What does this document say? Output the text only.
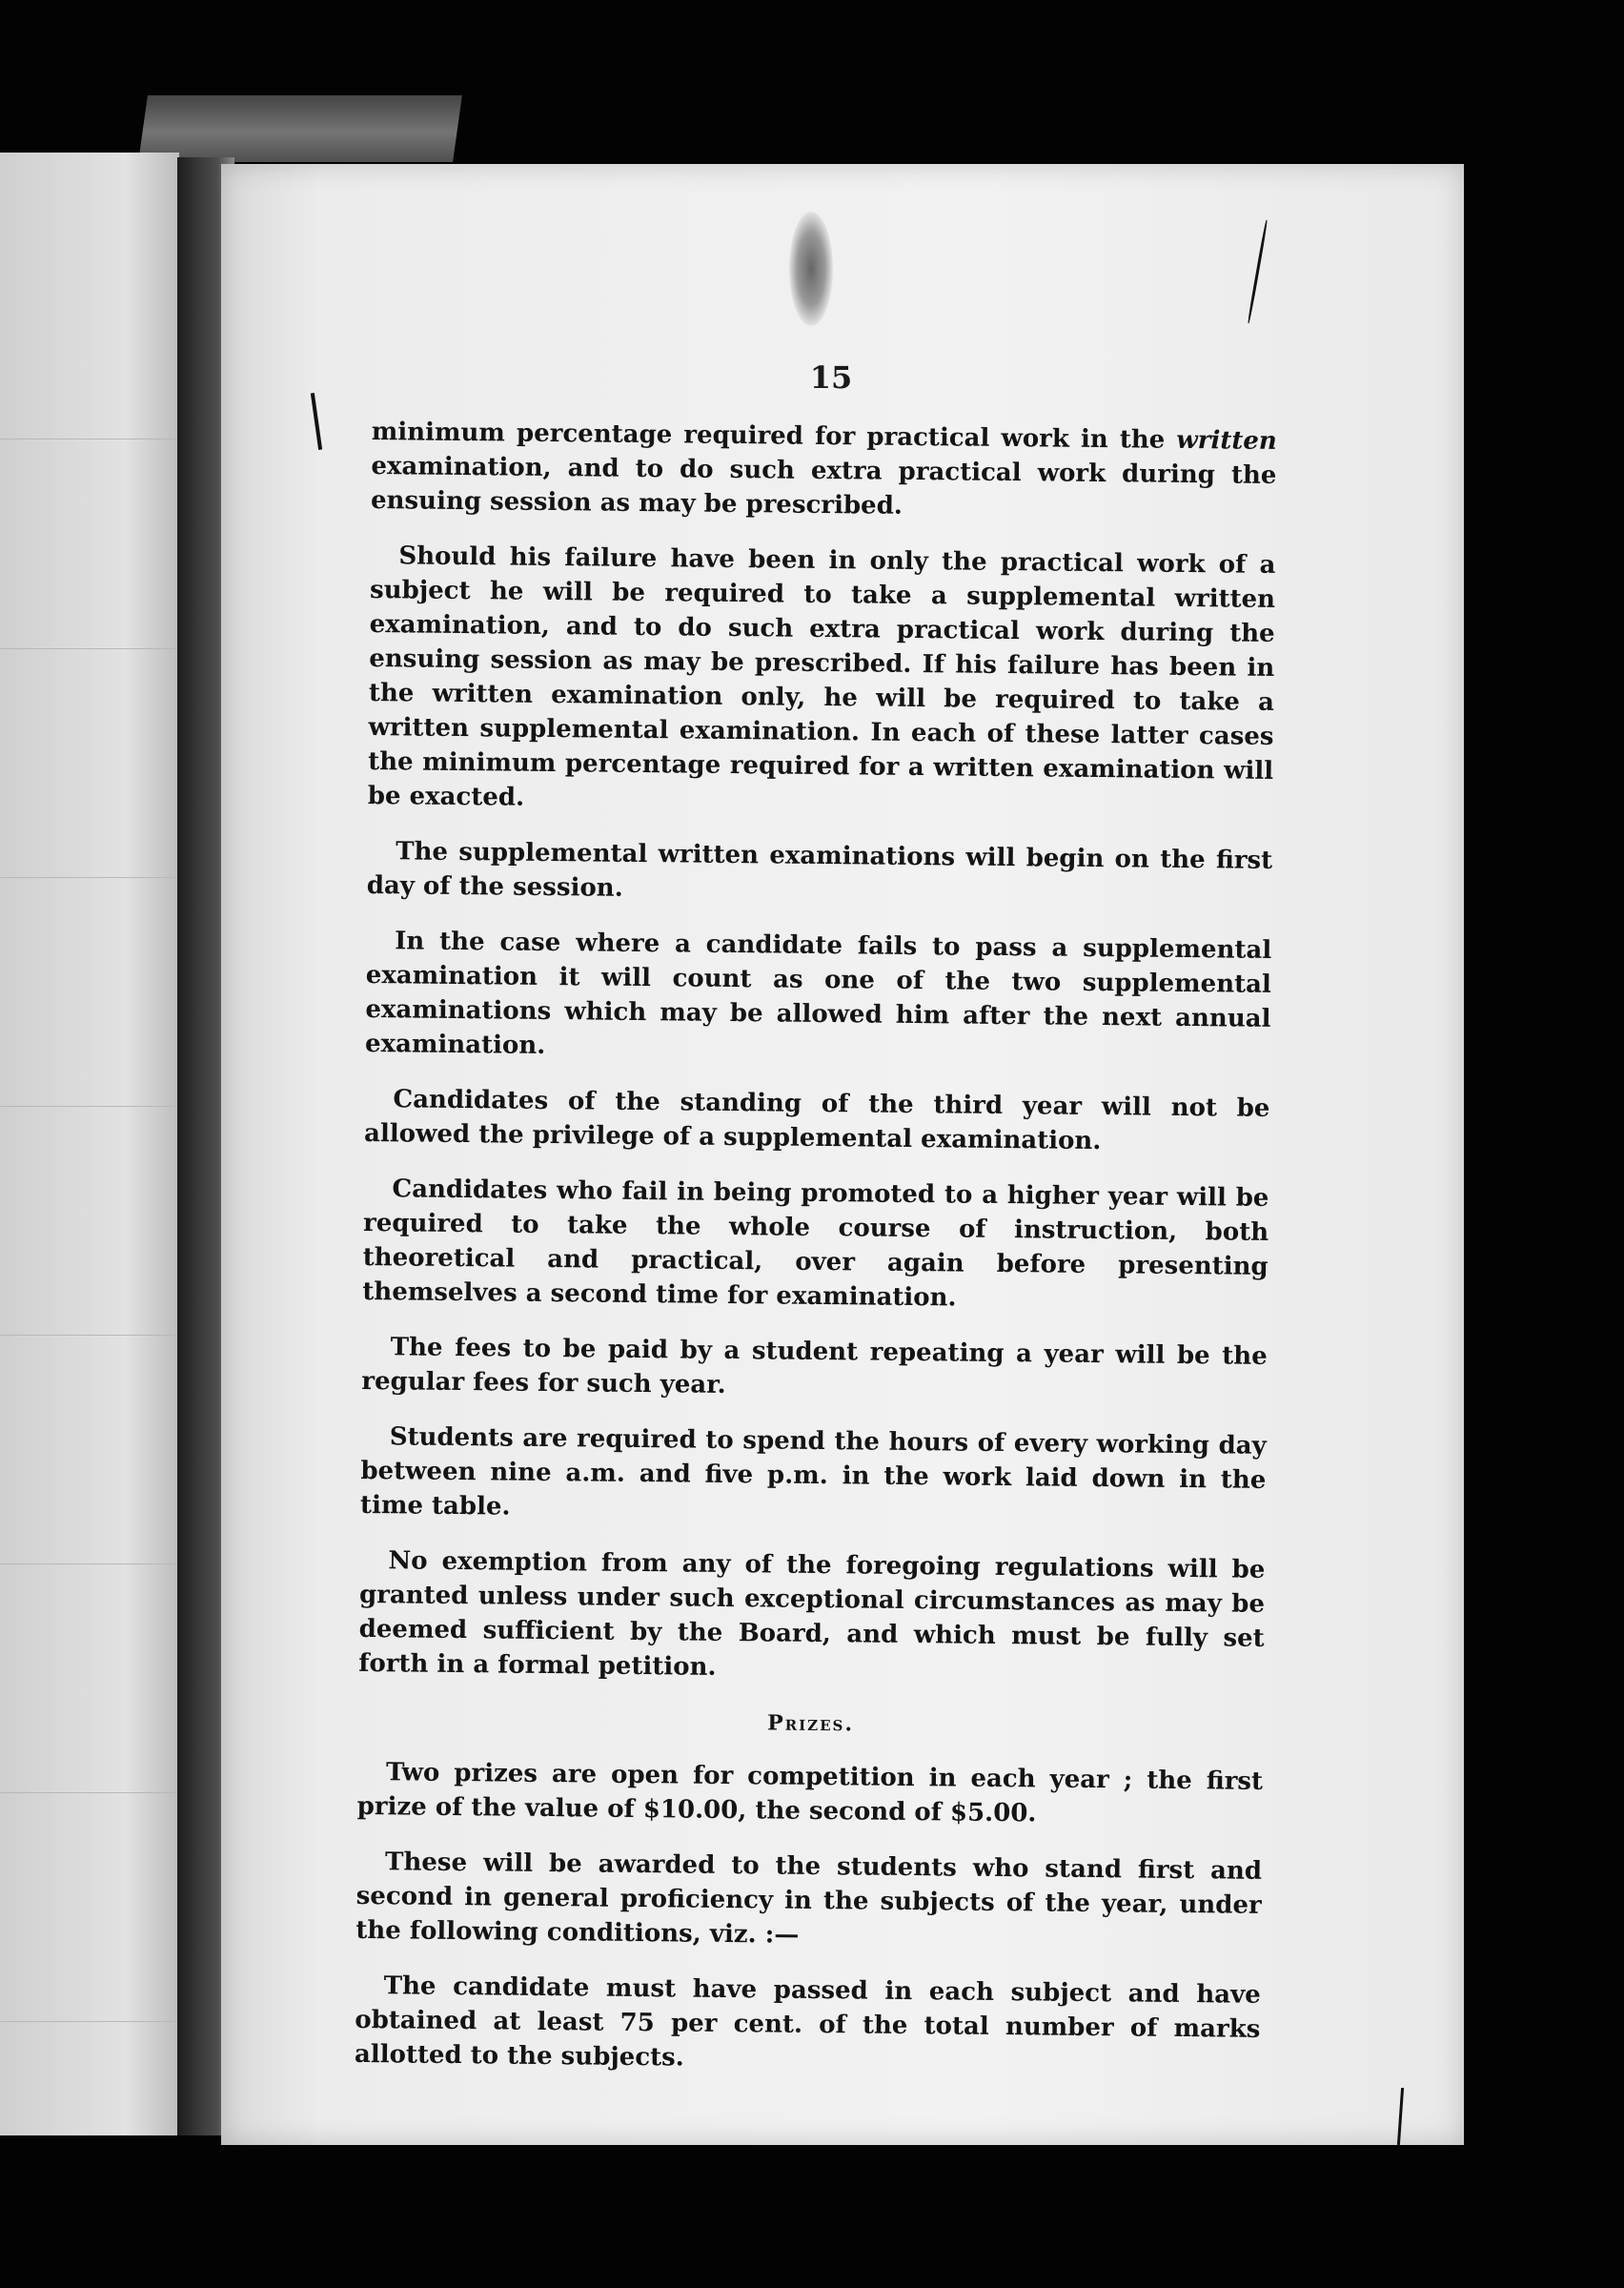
15

minimum percentage required for practical work in the written examination, and to do such extra practical work during the ensuing session as may be prescribed.

Should his failure have been in only the practical work of a subject he will be required to take a supplemental written examination, and to do such extra practical work during the ensuing session as may be prescribed. If his failure has been in the written examination only, he will be required to take a written supplemental examination. In each of these latter cases the minimum percentage required for a written examination will be exacted.

The supplemental written examinations will begin on the first day of the session.

In the case where a candidate fails to pass a supplemental examination it will count as one of the two supplemental examinations which may be allowed him after the next annual examination.

Candidates of the standing of the third year will not be allowed the privilege of a supplemental examination.

Candidates who fail in being promoted to a higher year will be required to take the whole course of instruction, both theoretical and practical, over again before presenting themselves a second time for examination.

The fees to be paid by a student repeating a year will be the regular fees for such year.

Students are required to spend the hours of every working day between nine a.m. and five p.m. in the work laid down in the time table.

No exemption from any of the foregoing regulations will be granted unless under such exceptional circumstances as may be deemed sufficient by the Board, and which must be fully set forth in a formal petition.

Prizes.

Two prizes are open for competition in each year ; the first prize of the value of $10.00, the second of $5.00.

These will be awarded to the students who stand first and second in general proficiency in the subjects of the year, under the following conditions, viz. :—

The candidate must have passed in each subject and have obtained at least 75 per cent. of the total number of marks allotted to the subjects.
